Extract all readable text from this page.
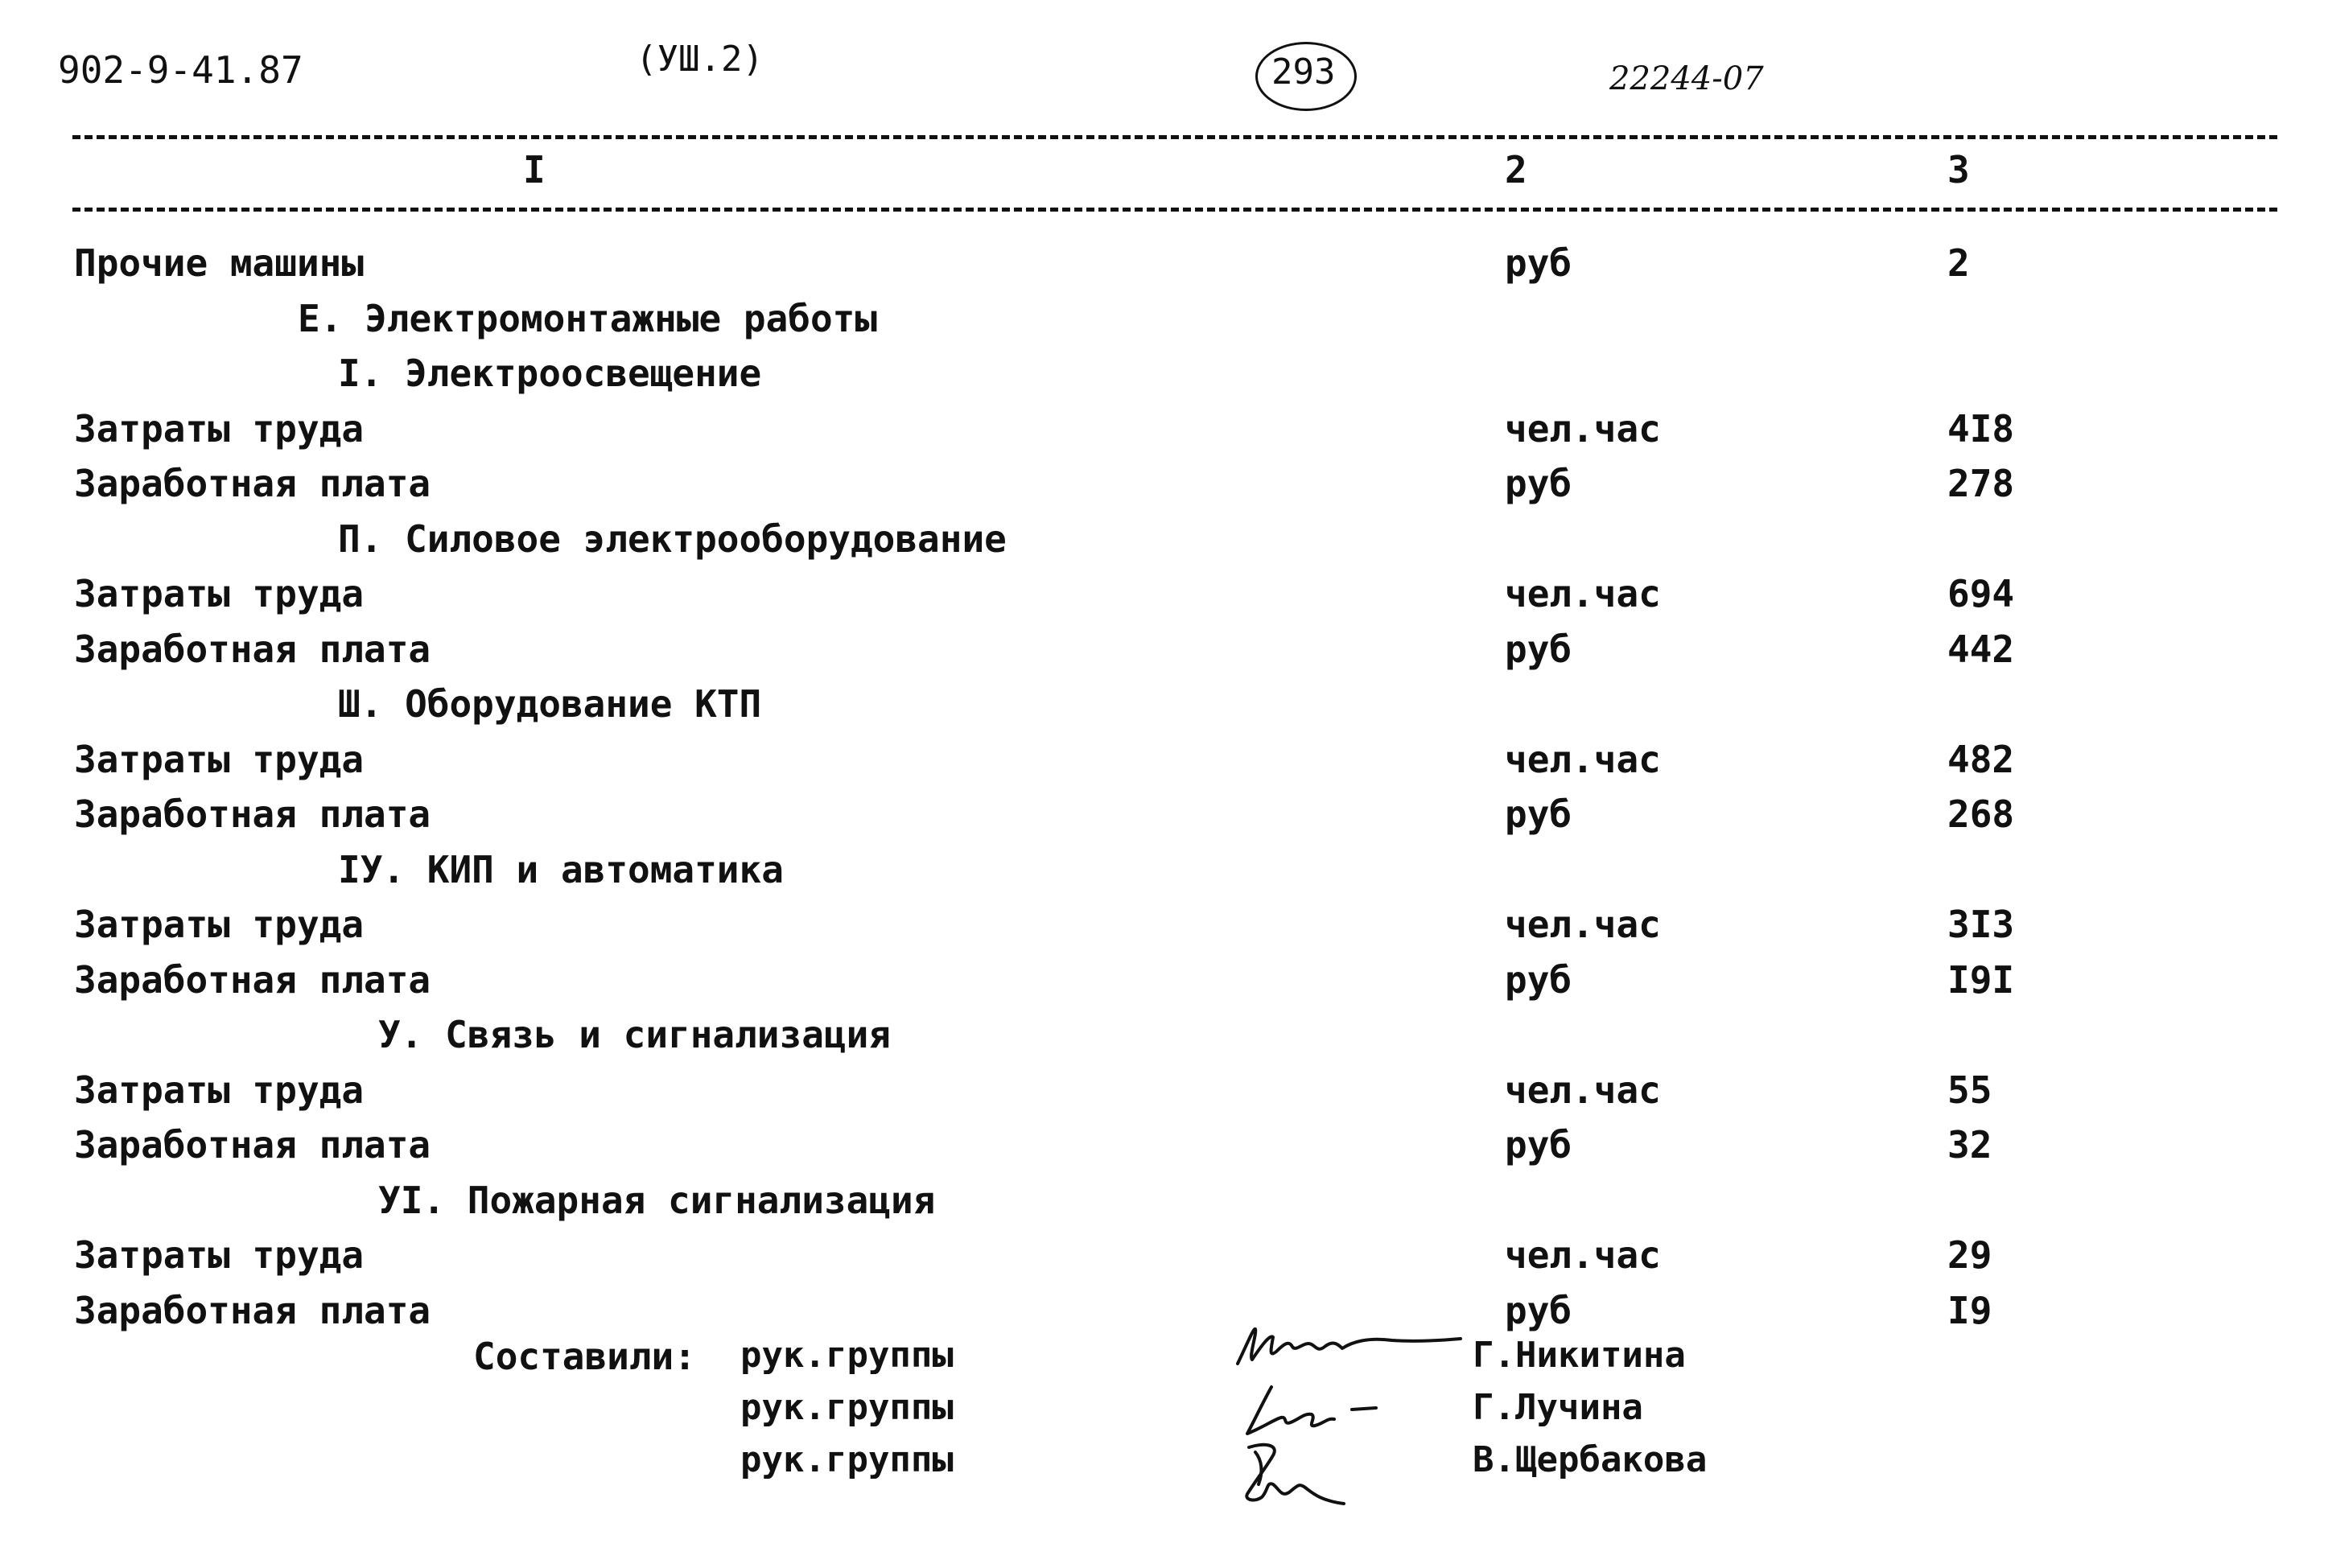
902-9-41.87	(УШ.2)	293	22244-07
I	2	3
Прочие машины	руб	2
Е. Электромонтажные работы
I. Электроосвещение
Затраты труда	чел.час	4I8
Заработная плата	руб	278
П. Силовое электрооборудование
Затраты труда	чел.час	694
Заработная плата	руб	442
Ш. Оборудование КТП
Затраты труда	чел.час	482
Заработная плата	руб	268
IУ. КИП и автоматика
Затраты труда	чел.час	3I3
Заработная плата	руб	I9I
У. Связь и сигнализация
Затраты труда	чел.час	55
Заработная плата	руб	32
УI. Пожарная сигнализация
Затраты труда	чел.час	29
Заработная плата	руб	I9
Составили: рук.группы	Г.Никитина
рук.группы	Г.Лучина
рук.группы	В.Щербакова
